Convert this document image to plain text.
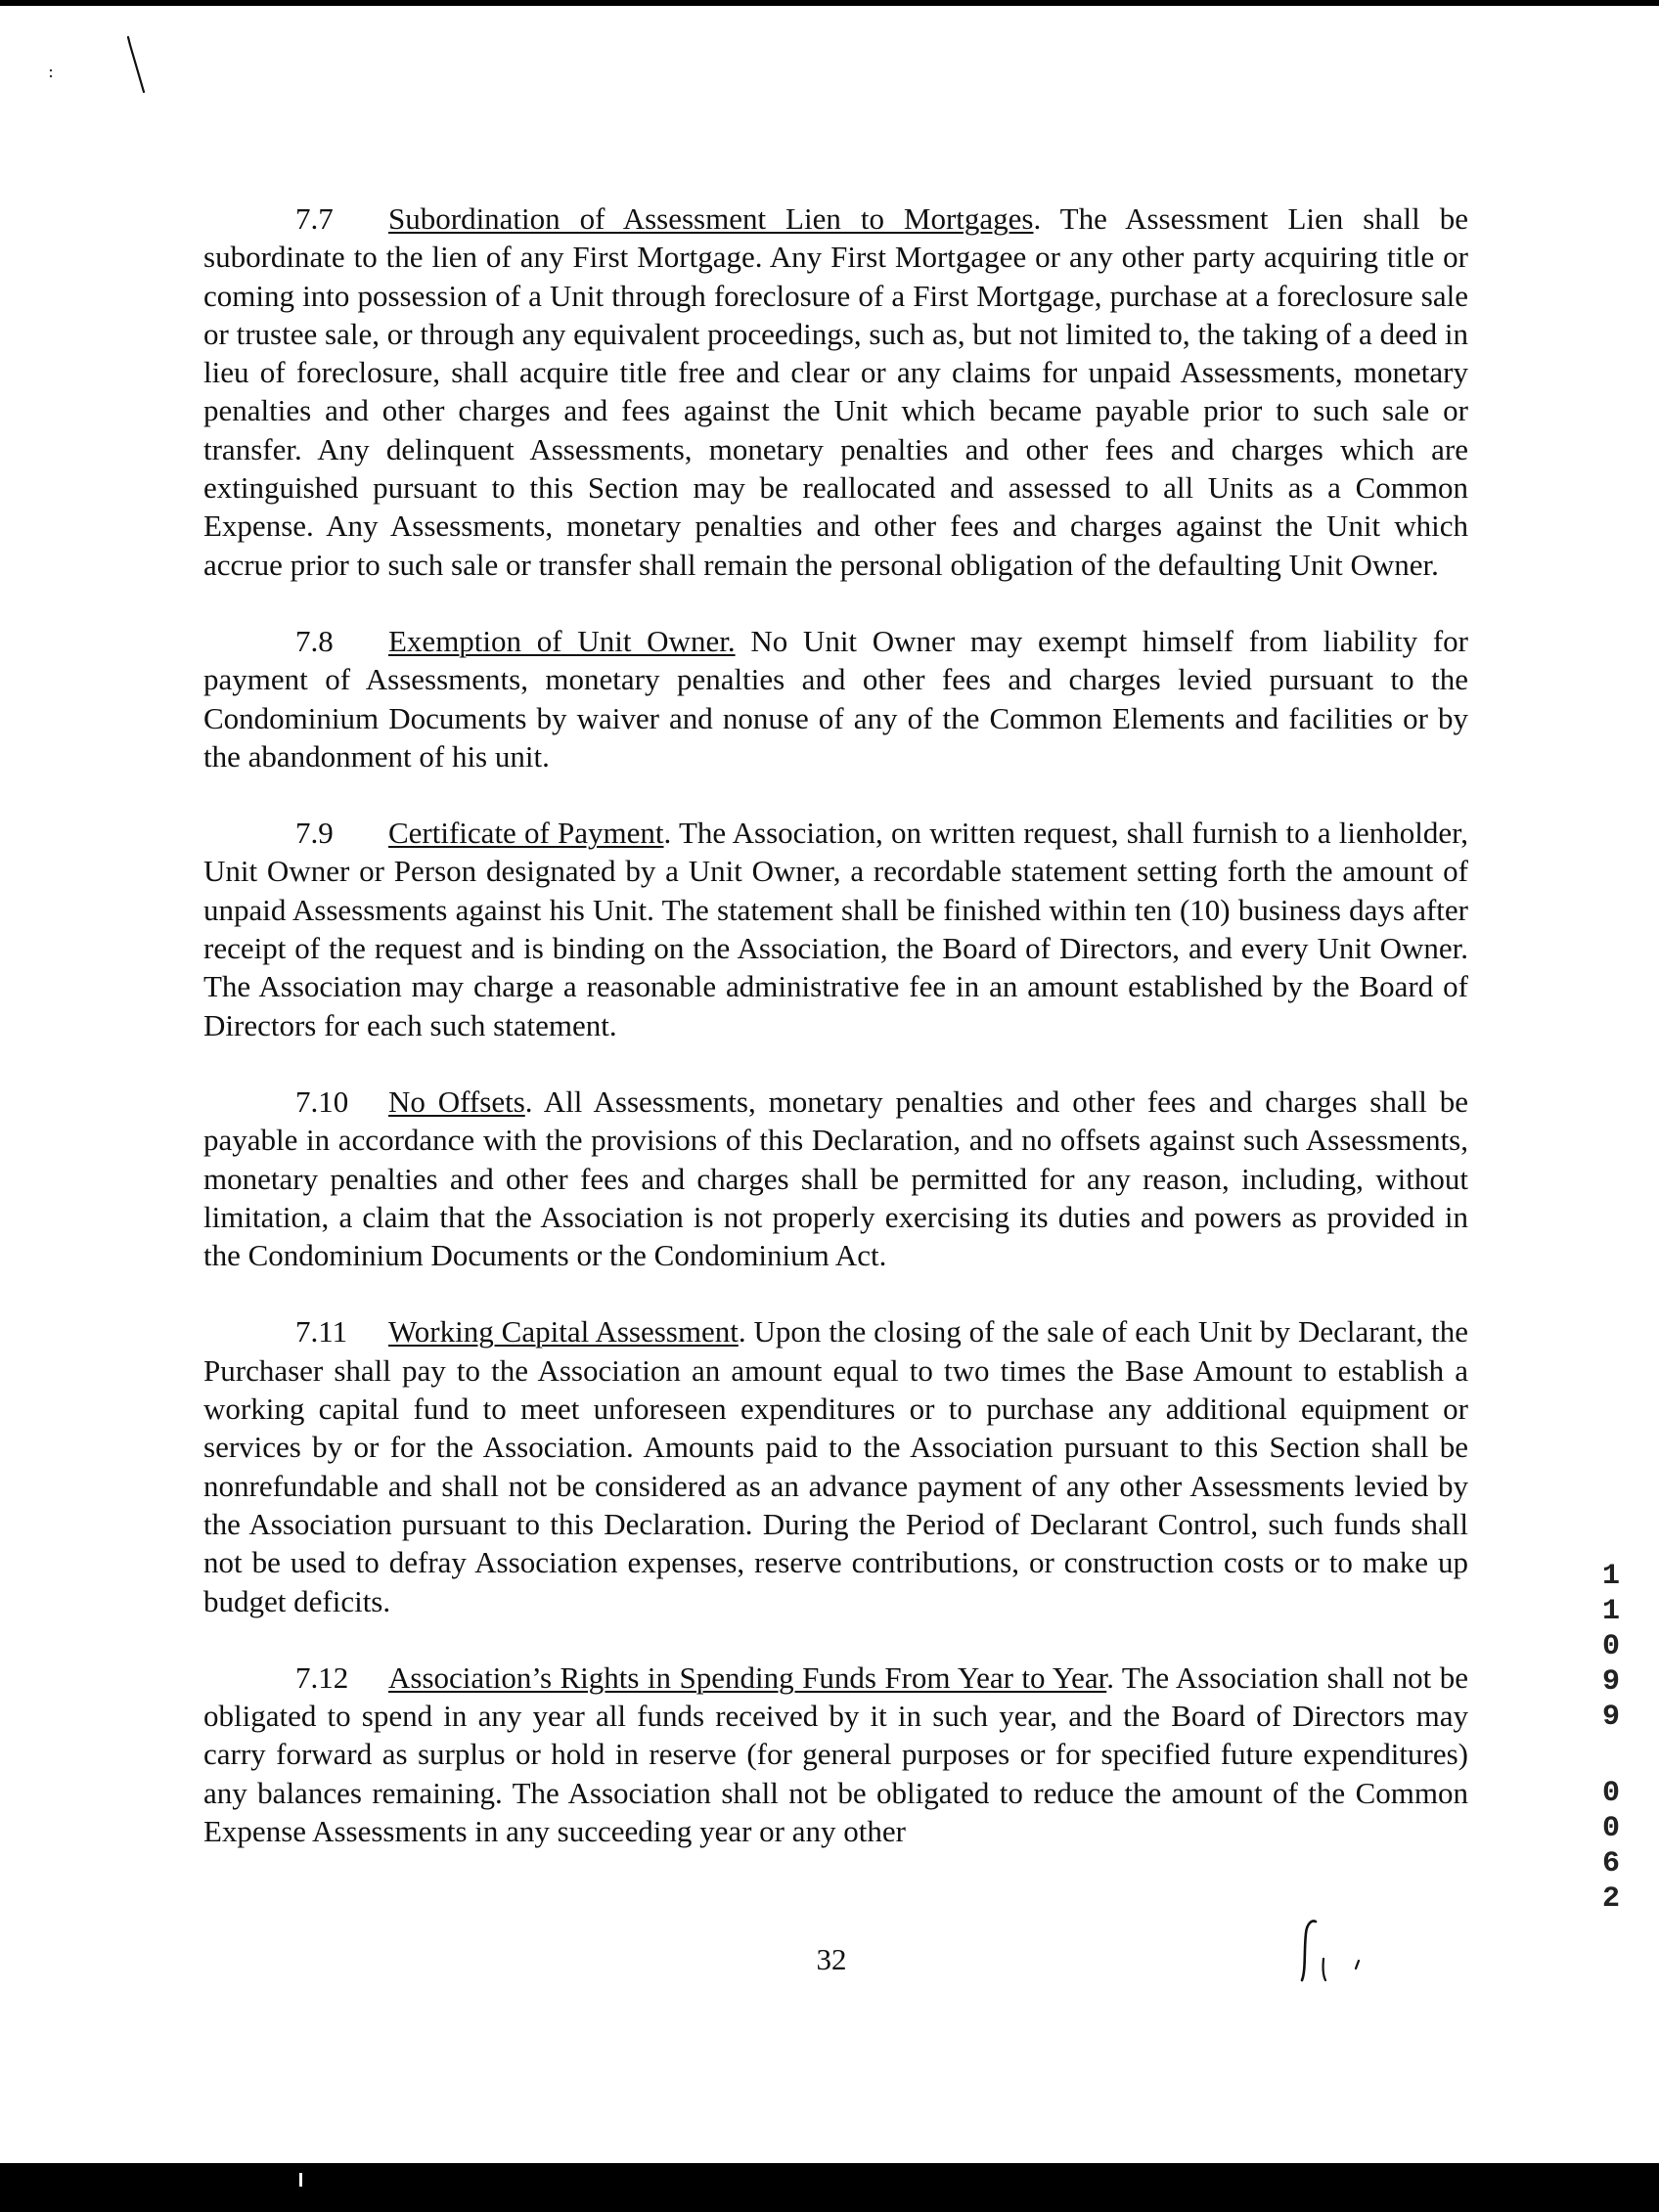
7.7 Subordination of Assessment Lien to Mortgages. The Assessment Lien shall be subordinate to the lien of any First Mortgage. Any First Mortgagee or any other party acquiring title or coming into possession of a Unit through foreclosure of a First Mortgage, purchase at a foreclosure sale or trustee sale, or through any equivalent proceedings, such as, but not limited to, the taking of a deed in lieu of foreclosure, shall acquire title free and clear or any claims for unpaid Assessments, monetary penalties and other charges and fees against the Unit which became payable prior to such sale or transfer. Any delinquent Assessments, monetary penalties and other fees and charges which are extinguished pursuant to this Section may be reallocated and assessed to all Units as a Common Expense. Any Assessments, monetary penalties and other fees and charges against the Unit which accrue prior to such sale or transfer shall remain the personal obligation of the defaulting Unit Owner.

7.8 Exemption of Unit Owner. No Unit Owner may exempt himself from liability for payment of Assessments, monetary penalties and other fees and charges levied pursuant to the Condominium Documents by waiver and nonuse of any of the Common Elements and facilities or by the abandonment of his unit.

7.9 Certificate of Payment. The Association, on written request, shall furnish to a lienholder, Unit Owner or Person designated by a Unit Owner, a recordable statement setting forth the amount of unpaid Assessments against his Unit. The statement shall be finished within ten (10) business days after receipt of the request and is binding on the Association, the Board of Directors, and every Unit Owner. The Association may charge a reasonable administrative fee in an amount established by the Board of Directors for each such statement.

7.10 No Offsets. All Assessments, monetary penalties and other fees and charges shall be payable in accordance with the provisions of this Declaration, and no offsets against such Assessments, monetary penalties and other fees and charges shall be permitted for any reason, including, without limitation, a claim that the Association is not properly exercising its duties and powers as provided in the Condominium Documents or the Condominium Act.

7.11 Working Capital Assessment. Upon the closing of the sale of each Unit by Declarant, the Purchaser shall pay to the Association an amount equal to two times the Base Amount to establish a working capital fund to meet unforeseen expenditures or to purchase any additional equipment or services by or for the Association. Amounts paid to the Association pursuant to this Section shall be nonrefundable and shall not be considered as an advance payment of any other Assessments levied by the Association pursuant to this Declaration. During the Period of Declarant Control, such funds shall not be used to defray Association expenses, reserve contributions, or construction costs or to make up budget deficits.

7.12 Association’s Rights in Spending Funds From Year to Year. The Association shall not be obligated to spend in any year all funds received by it in such year, and the Board of Directors may carry forward as surplus or hold in reserve (for general purposes or for specified future expenditures) any balances remaining. The Association shall not be obligated to reduce the amount of the Common Expense Assessments in any succeeding year or any other

32
1
1
0
9
9
0
0
6
2
